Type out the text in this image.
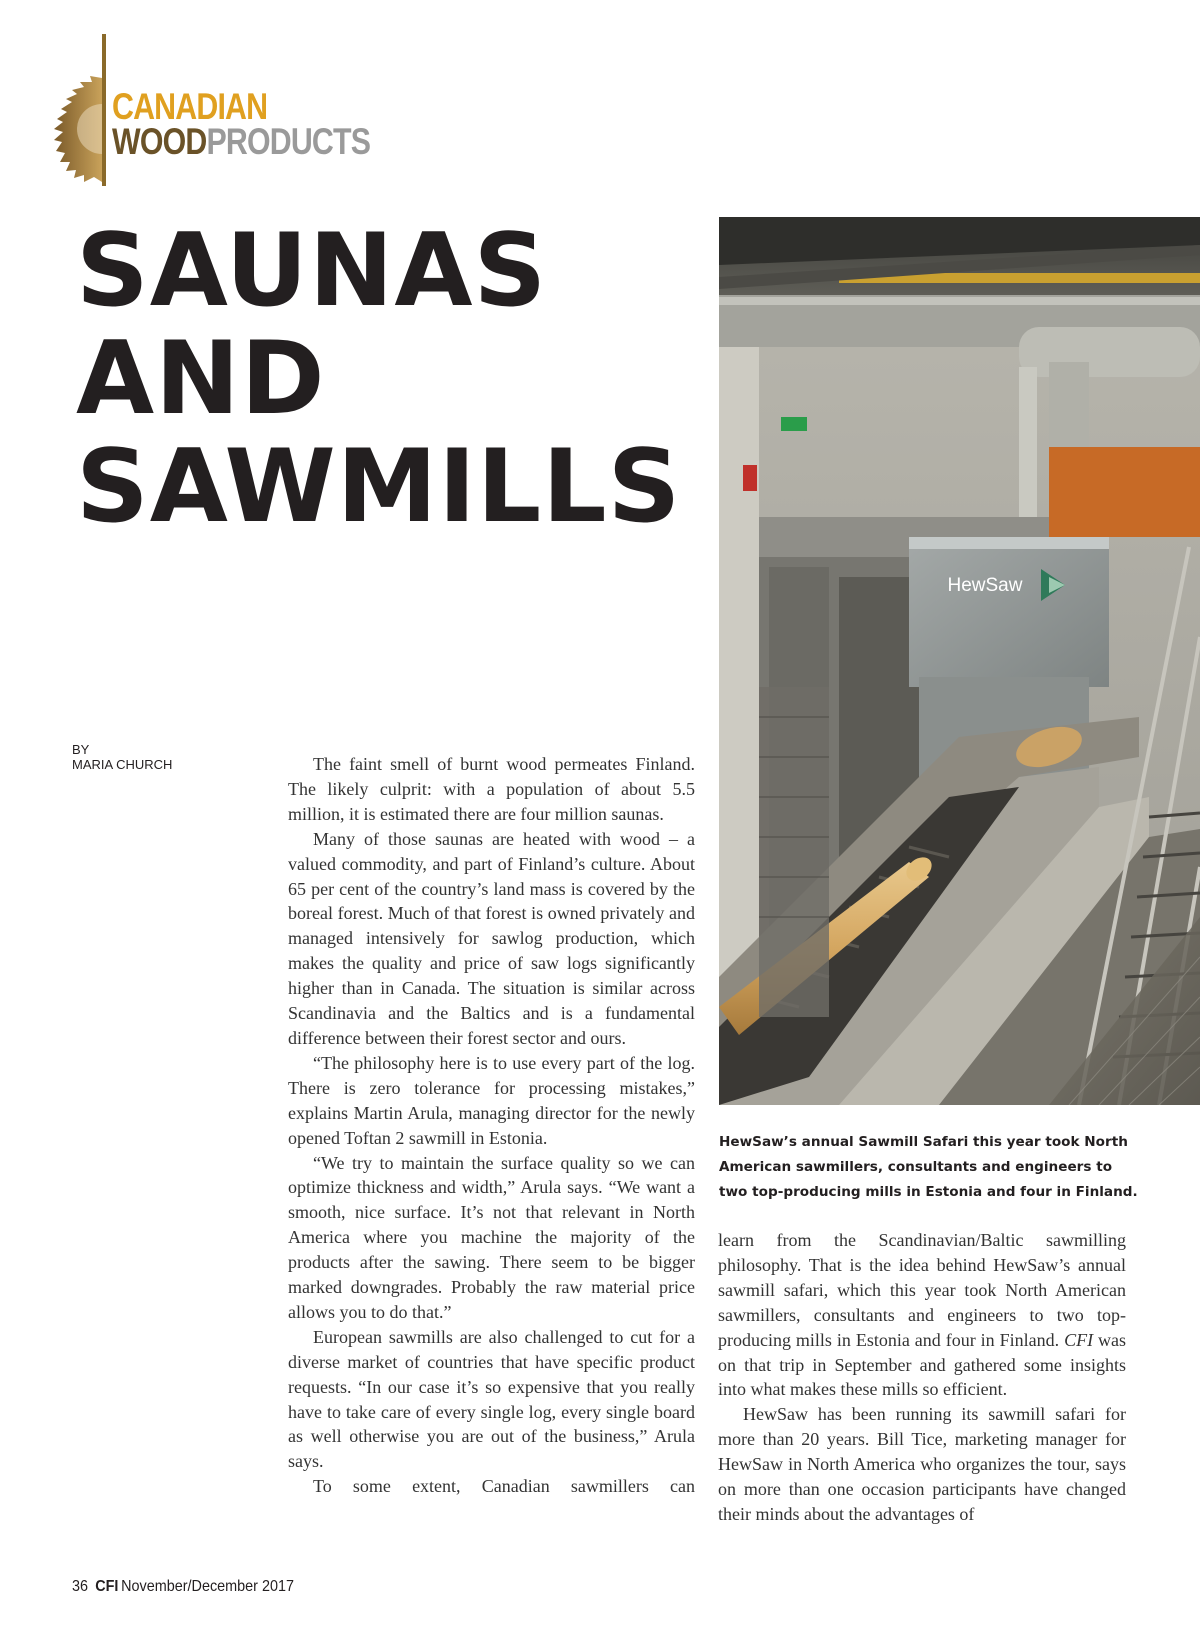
CANADIAN
WOODPRODUCTS
SAUNAS
AND
SAWMILLS
BY
MARIA CHURCH
HewSaw

HewSaw’s annual Sawmill Safari this year took North American sawmillers, consultants and engineers to two top-producing mills in Estonia and four in Finland.

The faint smell of burnt wood permeates Finland. The likely culprit: with a population of about 5.5 million, it is estimated there are four million saunas.

Many of those saunas are heated with wood – a valued commodity, and part of Finland’s culture. About 65 per cent of the country’s land mass is covered by the boreal forest. Much of that forest is owned privately and managed intensively for sawlog production, which makes the quality and price of saw logs significantly higher than in Canada. The situation is similar across Scandinavia and the Baltics and is a fundamental difference between their forest sector and ours.

“The philosophy here is to use every part of the log. There is zero tolerance for processing mistakes,” explains Martin Arula, managing director for the newly opened Toftan 2 sawmill in Estonia.

“We try to maintain the surface quality so we can optimize thickness and width,” Arula says. “We want a smooth, nice surface. It’s not that relevant in North America where you machine the majority of the products after the sawing. There seem to be bigger marked downgrades. Probably the raw material price allows you to do that.”

European sawmills are also challenged to cut for a diverse market of countries that have specific product requests. “In our case it’s so expensive that you really have to take care of every single log, every single board as well otherwise you are out of the business,” Arula says.

To some extent, Canadian sawmillers can

learn from the Scandinavian/Baltic sawmilling philosophy. That is the idea behind HewSaw’s annual sawmill safari, which this year took North American sawmillers, consultants and engineers to two top-producing mills in Estonia and four in Finland. CFI was on that trip in September and gathered some insights into what makes these mills so efficient.

HewSaw has been running its sawmill safari for more than 20 years. Bill Tice, marketing manager for HewSaw in North America who organizes the tour, says on more than one occasion participants have changed their minds about the advantages of

36 CFI November/December 2017
